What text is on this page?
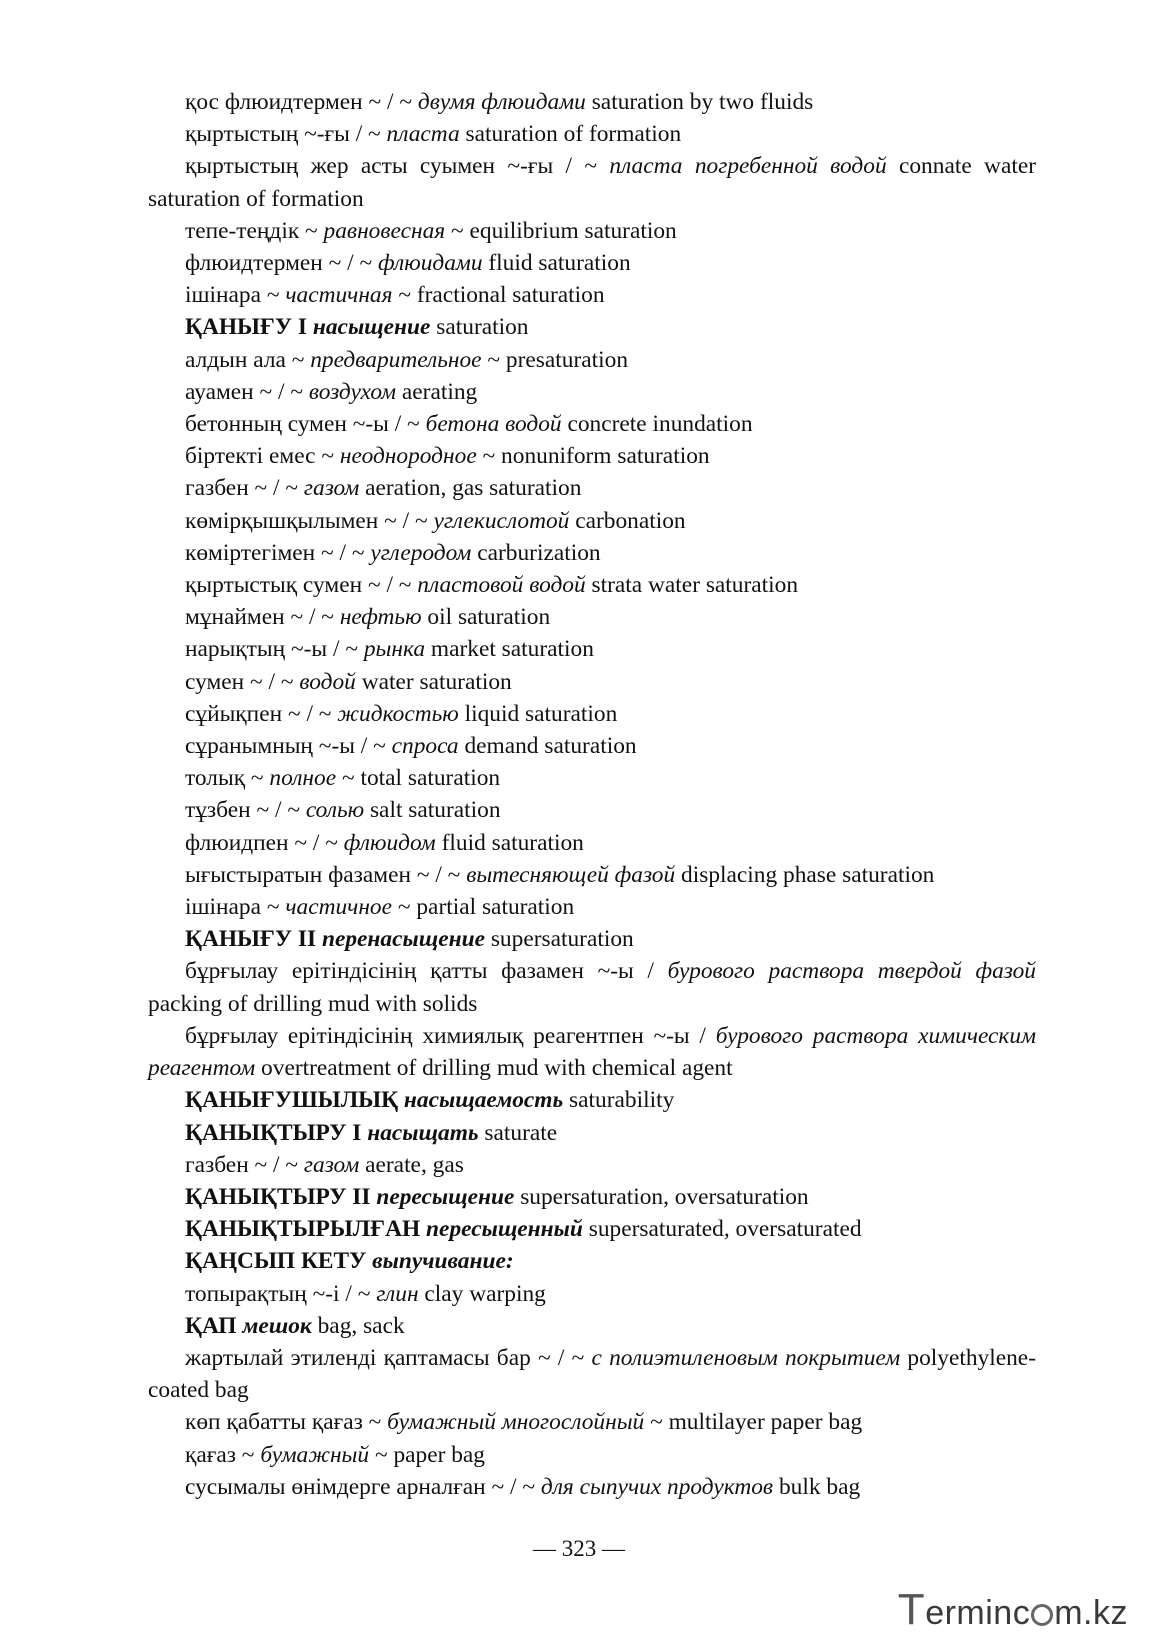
қос флюидтермен ~ / ~ двумя флюидами saturation by two fluids

қыртыстың ~-ғы / ~ пласта saturation of formation

қыртыстың жер асты суымен ~-ғы / ~ пласта погребенной водой connate water saturation of formation

тепе-теңдік ~ равновесная ~ equilibrium saturation

флюидтермен ~ / ~ флюидами fluid saturation

ішінара ~ частичная ~ fractional saturation

ҚАНЫҒУ I насыщение saturation

алдын ала ~ предварительное ~ presaturation

ауамен ~ / ~ воздухом aerating

бетонның сумен ~-ы / ~ бетона водой concrete inundation

біртекті емес ~ неоднородное ~ nonuniform saturation

газбен ~ / ~ газом aeration, gas saturation

көмірқышқылымен ~ / ~ углекислотой carbonation

көміртегімен ~ / ~ углеродом carburization

қыртыстық сумен ~ / ~ пластовой водой strata water saturation

мұнаймен ~ / ~ нефтью oil saturation

нарықтың ~-ы / ~ рынка market saturation

сумен ~ / ~ водой water saturation

сұйықпен ~ / ~ жидкостью liquid saturation

сұранымның ~-ы / ~ спроса demand saturation

толық ~ полное ~ total saturation

тұзбен ~ / ~ солью salt saturation

флюидпен ~ / ~ флюидом fluid saturation

ығыстыратын фазамен ~ / ~ вытесняющей фазой displacing phase saturation

ішінара ~ частичное ~ partial saturation

ҚАНЫҒУ II перенасыщение supersaturation

бұрғылау ерітіндісінің қатты фазамен ~-ы / бурового раствора твердой фазой packing of drilling mud with solids

бұрғылау ерітіндісінің химиялық реагентпен ~-ы / бурового раствора химическим реагентом overtreatment of drilling mud with chemical agent

ҚАНЫҒУШЫЛЫҚ насыщаемость saturability

ҚАНЫҚТЫРУ I насыщать saturate

газбен ~ / ~ газом aerate, gas

ҚАНЫҚТЫРУ II пересыщение supersaturation, oversaturation

ҚАНЫҚТЫРЫЛҒАН пересыщенный supersaturated, oversaturated

ҚАҢСЫП КЕТУ выпучивание:

топырақтың ~-і / ~ глин clay warping

ҚАП мешок bag, sack

жартылай этиленді қаптамасы бар ~ / ~ с полиэтиленовым покрытием polyethylene-coated bag

көп қабатты қағаз ~ бумажный многослойный ~ multilayer paper bag

қағаз ~ бумажный ~ paper bag

сусымалы өнімдерге арналған ~ / ~ для сыпучих продуктов bulk bag

— 323 —
Terminc m.kz
